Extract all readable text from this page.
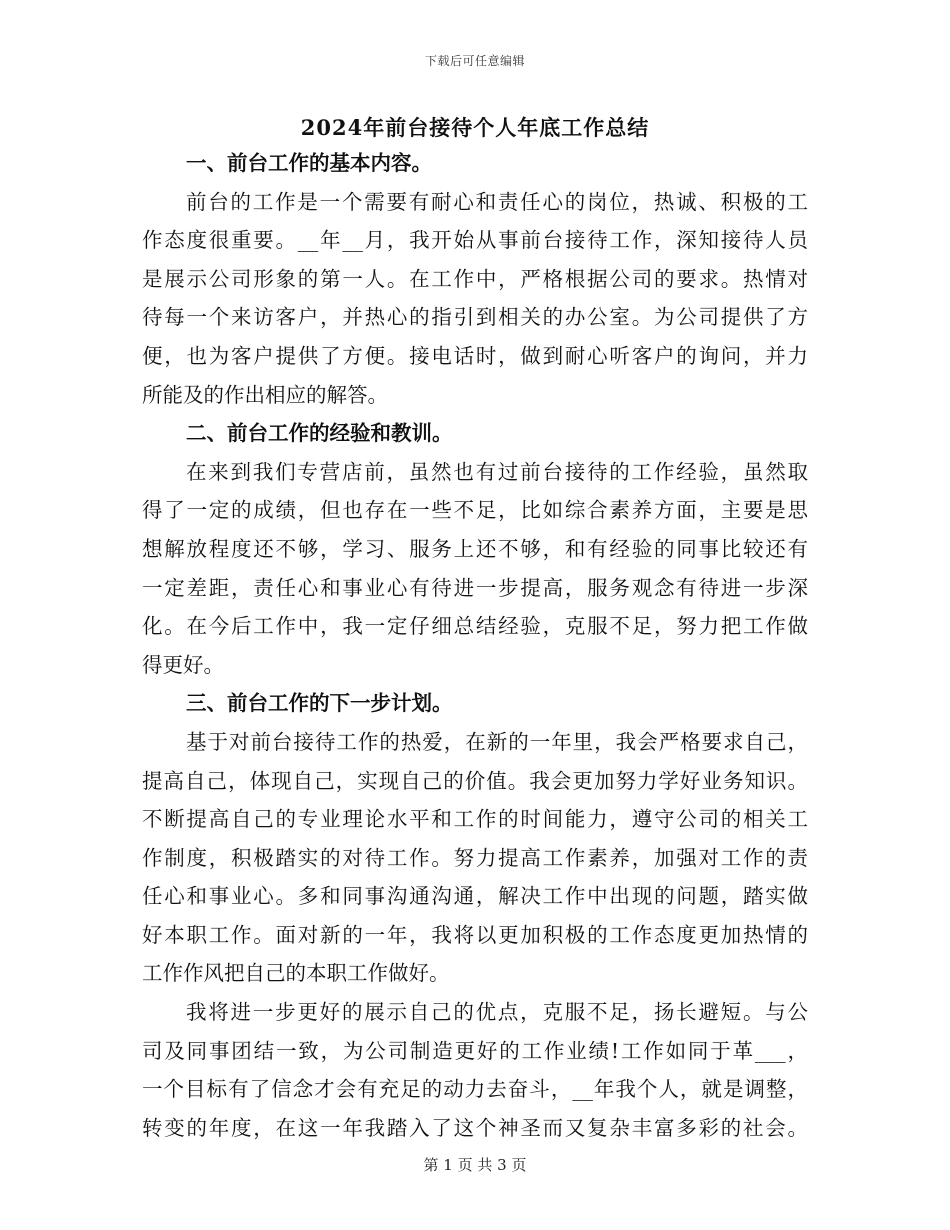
下载后可任意编辑
2024年前台接待个人年底工作总结
一、前台工作的基本内容。
前台的工作是一个需要有耐心和责任心的岗位，热诚、积极的工
作态度很重要。__年__月，我开始从事前台接待工作，深知接待人员
是展示公司形象的第一人。在工作中，严格根据公司的要求。热情对
待每一个来访客户，并热心的指引到相关的办公室。为公司提供了方
便，也为客户提供了方便。接电话时，做到耐心听客户的询问，并力
所能及的作出相应的解答。
二、前台工作的经验和教训。
在来到我们专营店前，虽然也有过前台接待的工作经验，虽然取
得了一定的成绩，但也存在一些不足，比如综合素养方面，主要是思
想解放程度还不够，学习、服务上还不够，和有经验的同事比较还有
一定差距，责任心和事业心有待进一步提高，服务观念有待进一步深
化。在今后工作中，我一定仔细总结经验，克服不足，努力把工作做
得更好。
三、前台工作的下一步计划。
基于对前台接待工作的热爱，在新的一年里，我会严格要求自己，
提高自己，体现自己，实现自己的价值。我会更加努力学好业务知识。
不断提高自己的专业理论水平和工作的时间能力，遵守公司的相关工
作制度，积极踏实的对待工作。努力提高工作素养，加强对工作的责
任心和事业心。多和同事沟通沟通，解决工作中出现的问题，踏实做
好本职工作。面对新的一年，我将以更加积极的工作态度更加热情的
工作作风把自己的本职工作做好。
我将进一步更好的展示自己的优点，克服不足，扬长避短。与公
司及同事团结一致，为公司制造更好的工作业绩!工作如同于革___，
一个目标有了信念才会有充足的动力去奋斗，__年我个人，就是调整，
转变的年度，在这一年我踏入了这个神圣而又复杂丰富多彩的社会。
第 1 页 共 3 页
